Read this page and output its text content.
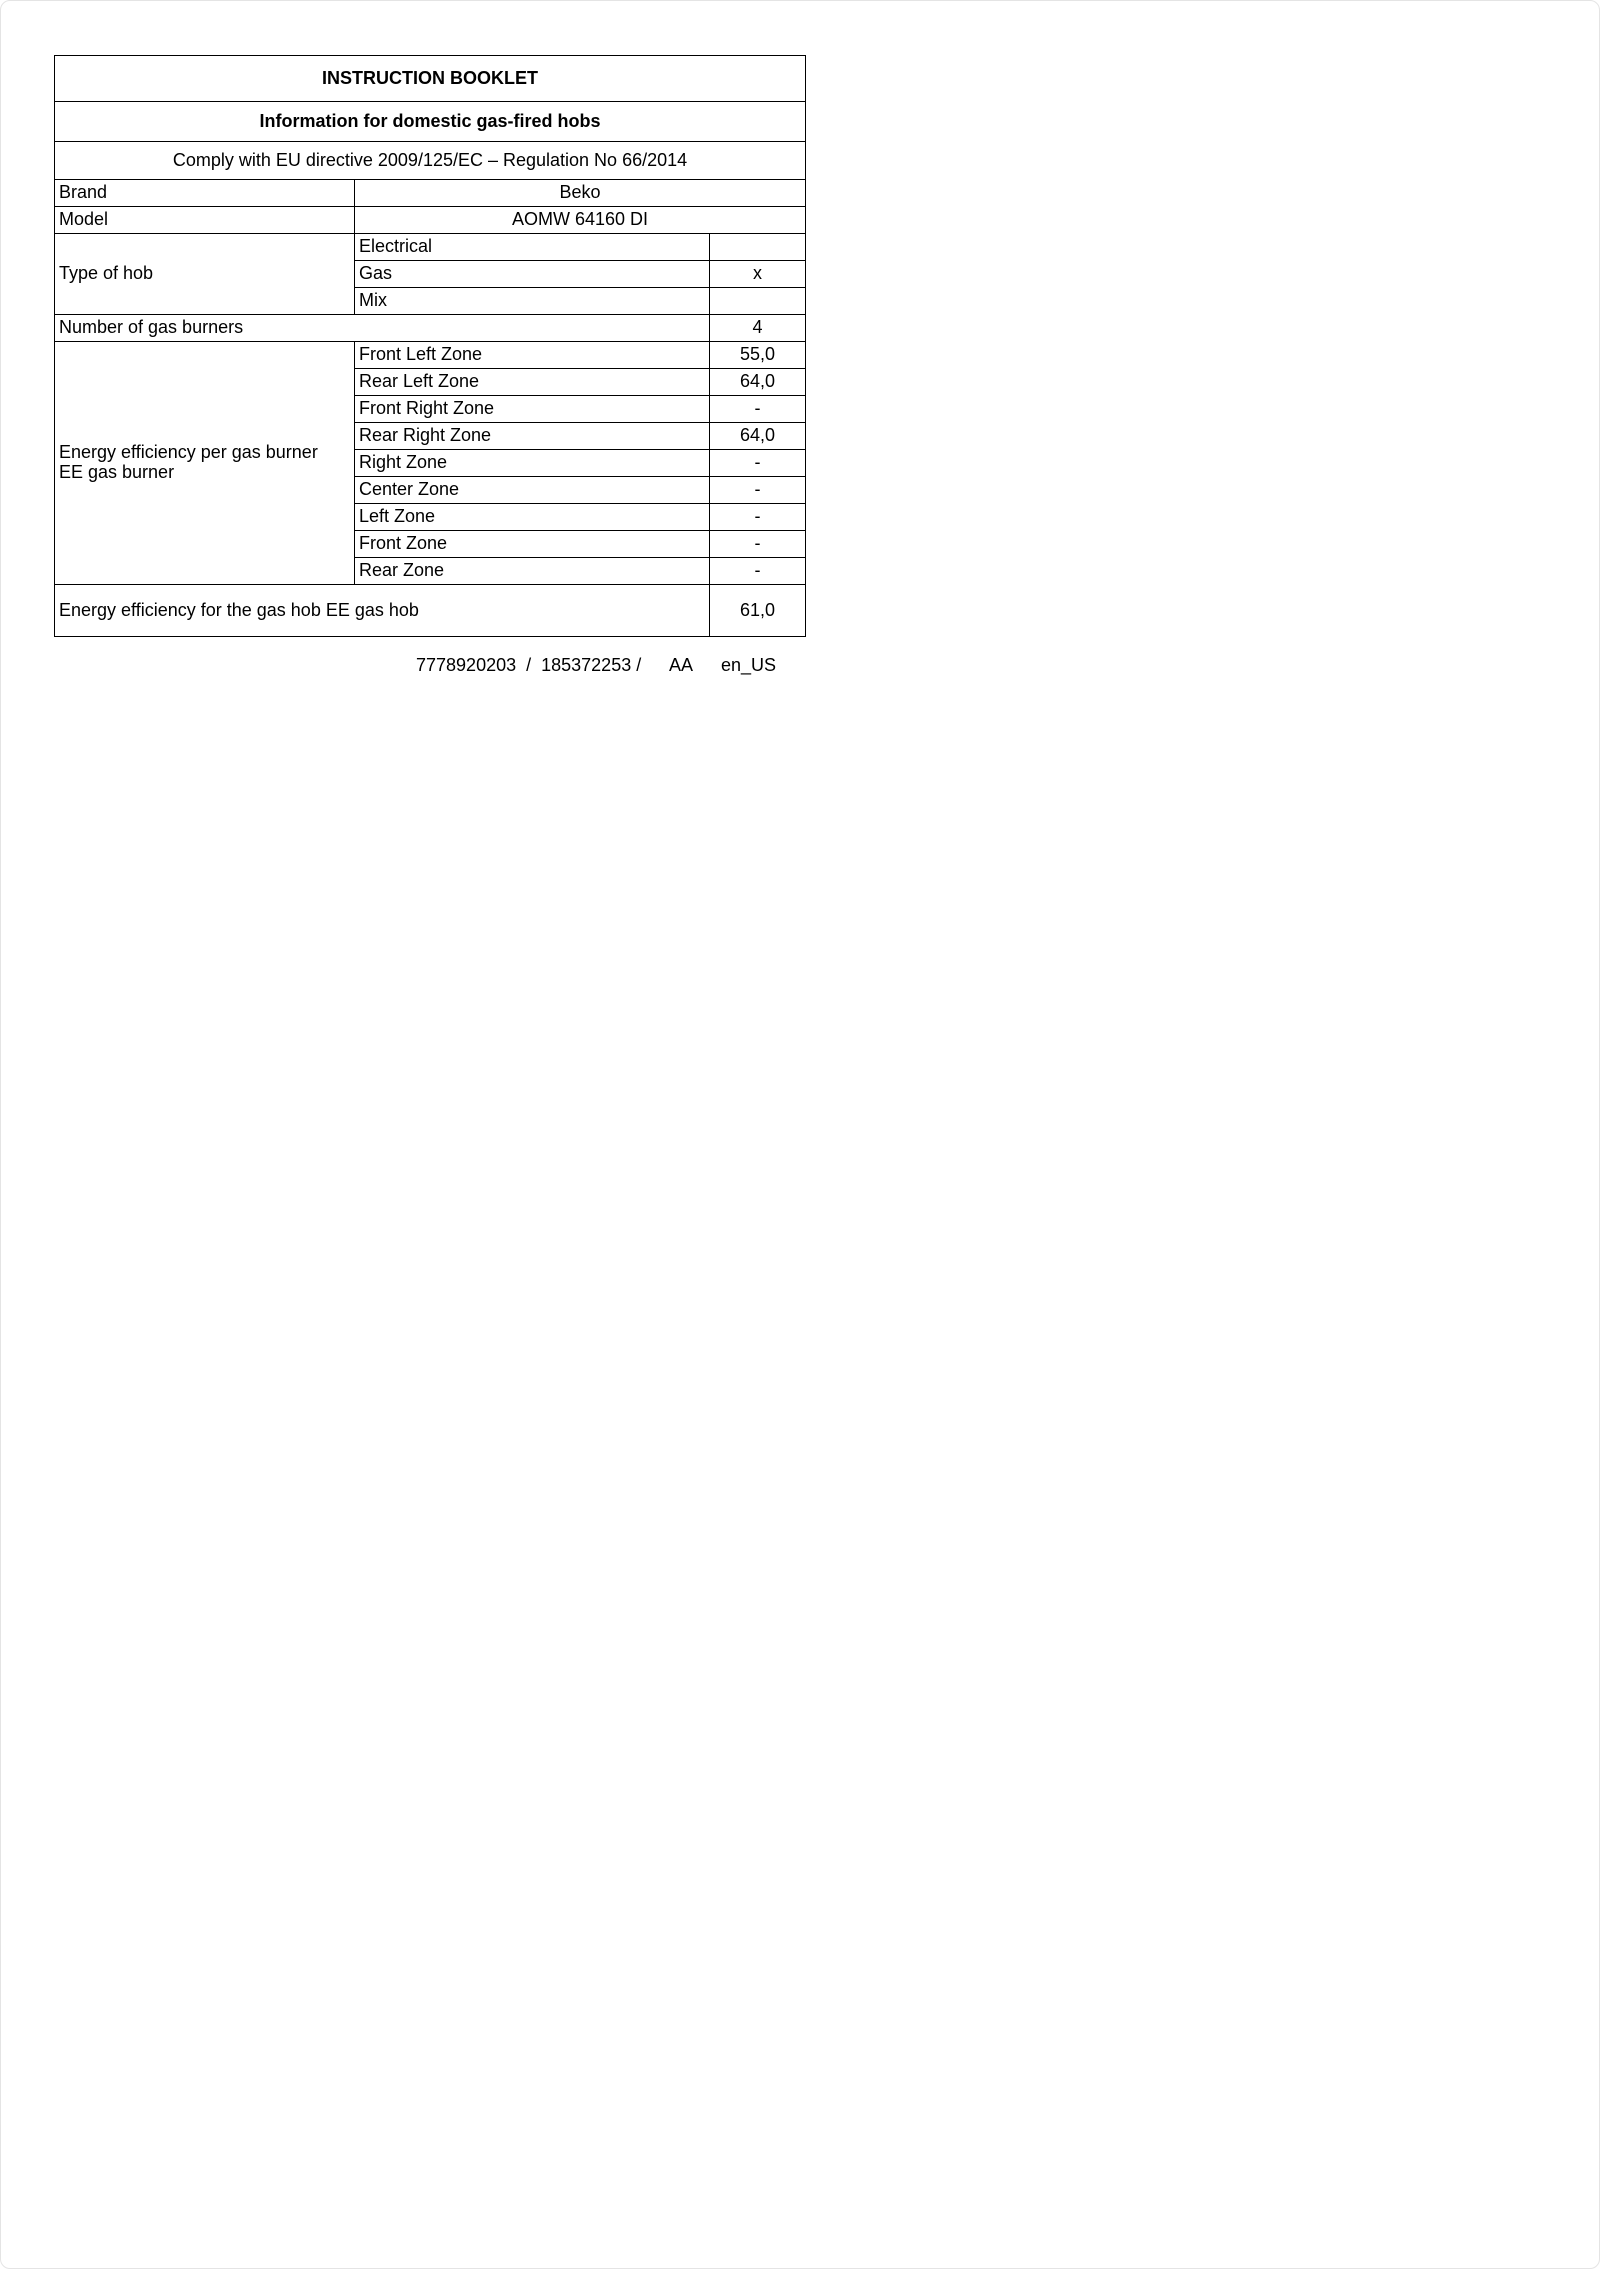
INSTRUCTION BOOKLET		
Information for domestic gas-fired hobs		
Comply with EU directive 2009/125/EC – Regulation No 66/2014		
Brand	Beko	
Model	AOMW 64160 DI	
Type of hob	Electrical	
	Gas	x
	Mix	
Number of gas burners		4

Energy efficiency per gas burner
EE gas burner	Front Left Zone	55,0
	Rear Left Zone	64,0
	Front Right Zone	-
	Rear Right Zone	64,0
	Right Zone	-
	Center Zone	-
	Left Zone	-
	Front Zone	-
	Rear Zone	-
Energy efficiency for the gas hob EE gas hob		61,0
7778920203  /  185372253 / AA en_US
